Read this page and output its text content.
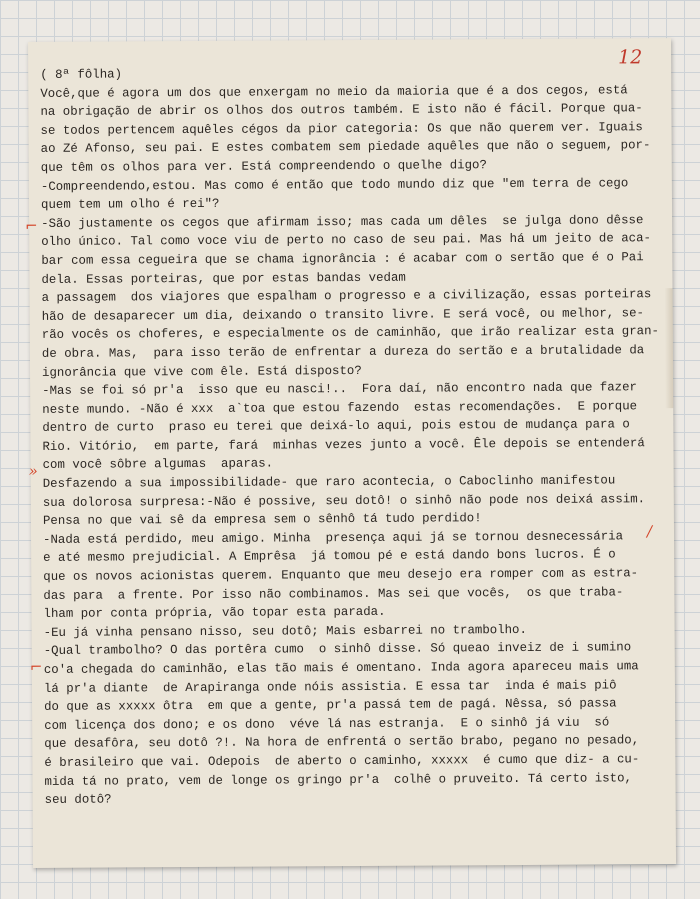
12
( 8ª fôlha)
Você,que é agora um dos que enxergam no meio da maioria que é a dos cegos, está
na obrigação de abrir os olhos dos outros também. E isto não é fácil. Porque qua-
se todos pertencem aquêles cégos da pior categoria: Os que não querem ver. Iguais
ao Zé Afonso, seu pai. E estes combatem sem piedade aquêles que não o seguem, por-
que têm os olhos para ver. Está compreendendo o quelhe digo?
-Compreendendo,estou. Mas como é então que todo mundo diz que "em terra de cego
quem tem um olho é rei"?
-São justamente os cegos que afirmam isso; mas cada um dêles  se julga dono dêsse
olho único. Tal como voce viu de perto no caso de seu pai. Mas há um jeito de aca-
bar com essa cegueira que se chama ignorância : é acabar com o sertão que é o Pai
dela. Essas porteiras, que por estas bandas vedam
a passagem  dos viajores que espalham o progresso e a civilização, essas porteiras
hão de desaparecer um dia, deixando o transito livre. E será você, ou melhor, se-
rão vocês os choferes, e especialmente os de caminhão, que irão realizar esta gran-
de obra. Mas,  para isso terão de enfrentar a dureza do sertão e a brutalidade da
ignorância que vive com êle. Está disposto?
-Mas se foi só pr'a  isso que eu nasci!..  Fora daí, não encontro nada que fazer
neste mundo. -Não é xxx  a`toa que estou fazendo  estas recomendações.  E porque
dentro de curto  praso eu terei que deixá-lo aqui, pois estou de mudança para o
Rio. Vitório,  em parte, fará  minhas vezes junto a você. Êle depois se entenderá
com você sôbre algumas  aparas.
Desfazendo a sua impossibilidade- que raro acontecia, o Caboclinho manifestou
sua dolorosa surpresa:-Não é possive, seu dotô! o sinhô não pode nos deixá assim.
Pensa no que vai sê da empresa sem o sênhô tá tudo perdido!
-Nada está perdido, meu amigo. Minha  presença aqui já se tornou desnecessária
e até mesmo prejudicial. A Emprêsa  já tomou pé e está dando bons lucros. É o
que os novos acionistas querem. Enquanto que meu desejo era romper com as estra-
das para  a frente. Por isso não combinamos. Mas sei que vocês,  os que traba-
lham por conta própria, vão topar esta parada.
-Eu já vinha pensano nisso, seu dotô; Mais esbarrei no trambolho.
-Qual trambolho? O das portêra cumo  o sinhô disse. Só queao inveiz de i sumino
co'a chegada do caminhão, elas tão mais é omentano. Inda agora apareceu mais uma
lá pr'a diante  de Arapiranga onde nóis assistia. E essa tar  inda é mais piô
do que as xxxxx ôtra  em que a gente, pr'a passá tem de pagá. Nêssa, só passa
com licença dos dono; e os dono  véve lá nas estranja.  E o sinhô já viu  só
que desafôra, seu dotô ?!. Na hora de enfrentá o sertão brabo, pegano no pesado,
é brasileiro que vai. Odepois  de aberto o caminho, xxxxx  é cumo que diz- a cu-
mida tá no prato, vem de longe os gringo pr'a  colhê o pruveito. Tá certo isto,
seu dotô?
⌐
»
⌐
/
